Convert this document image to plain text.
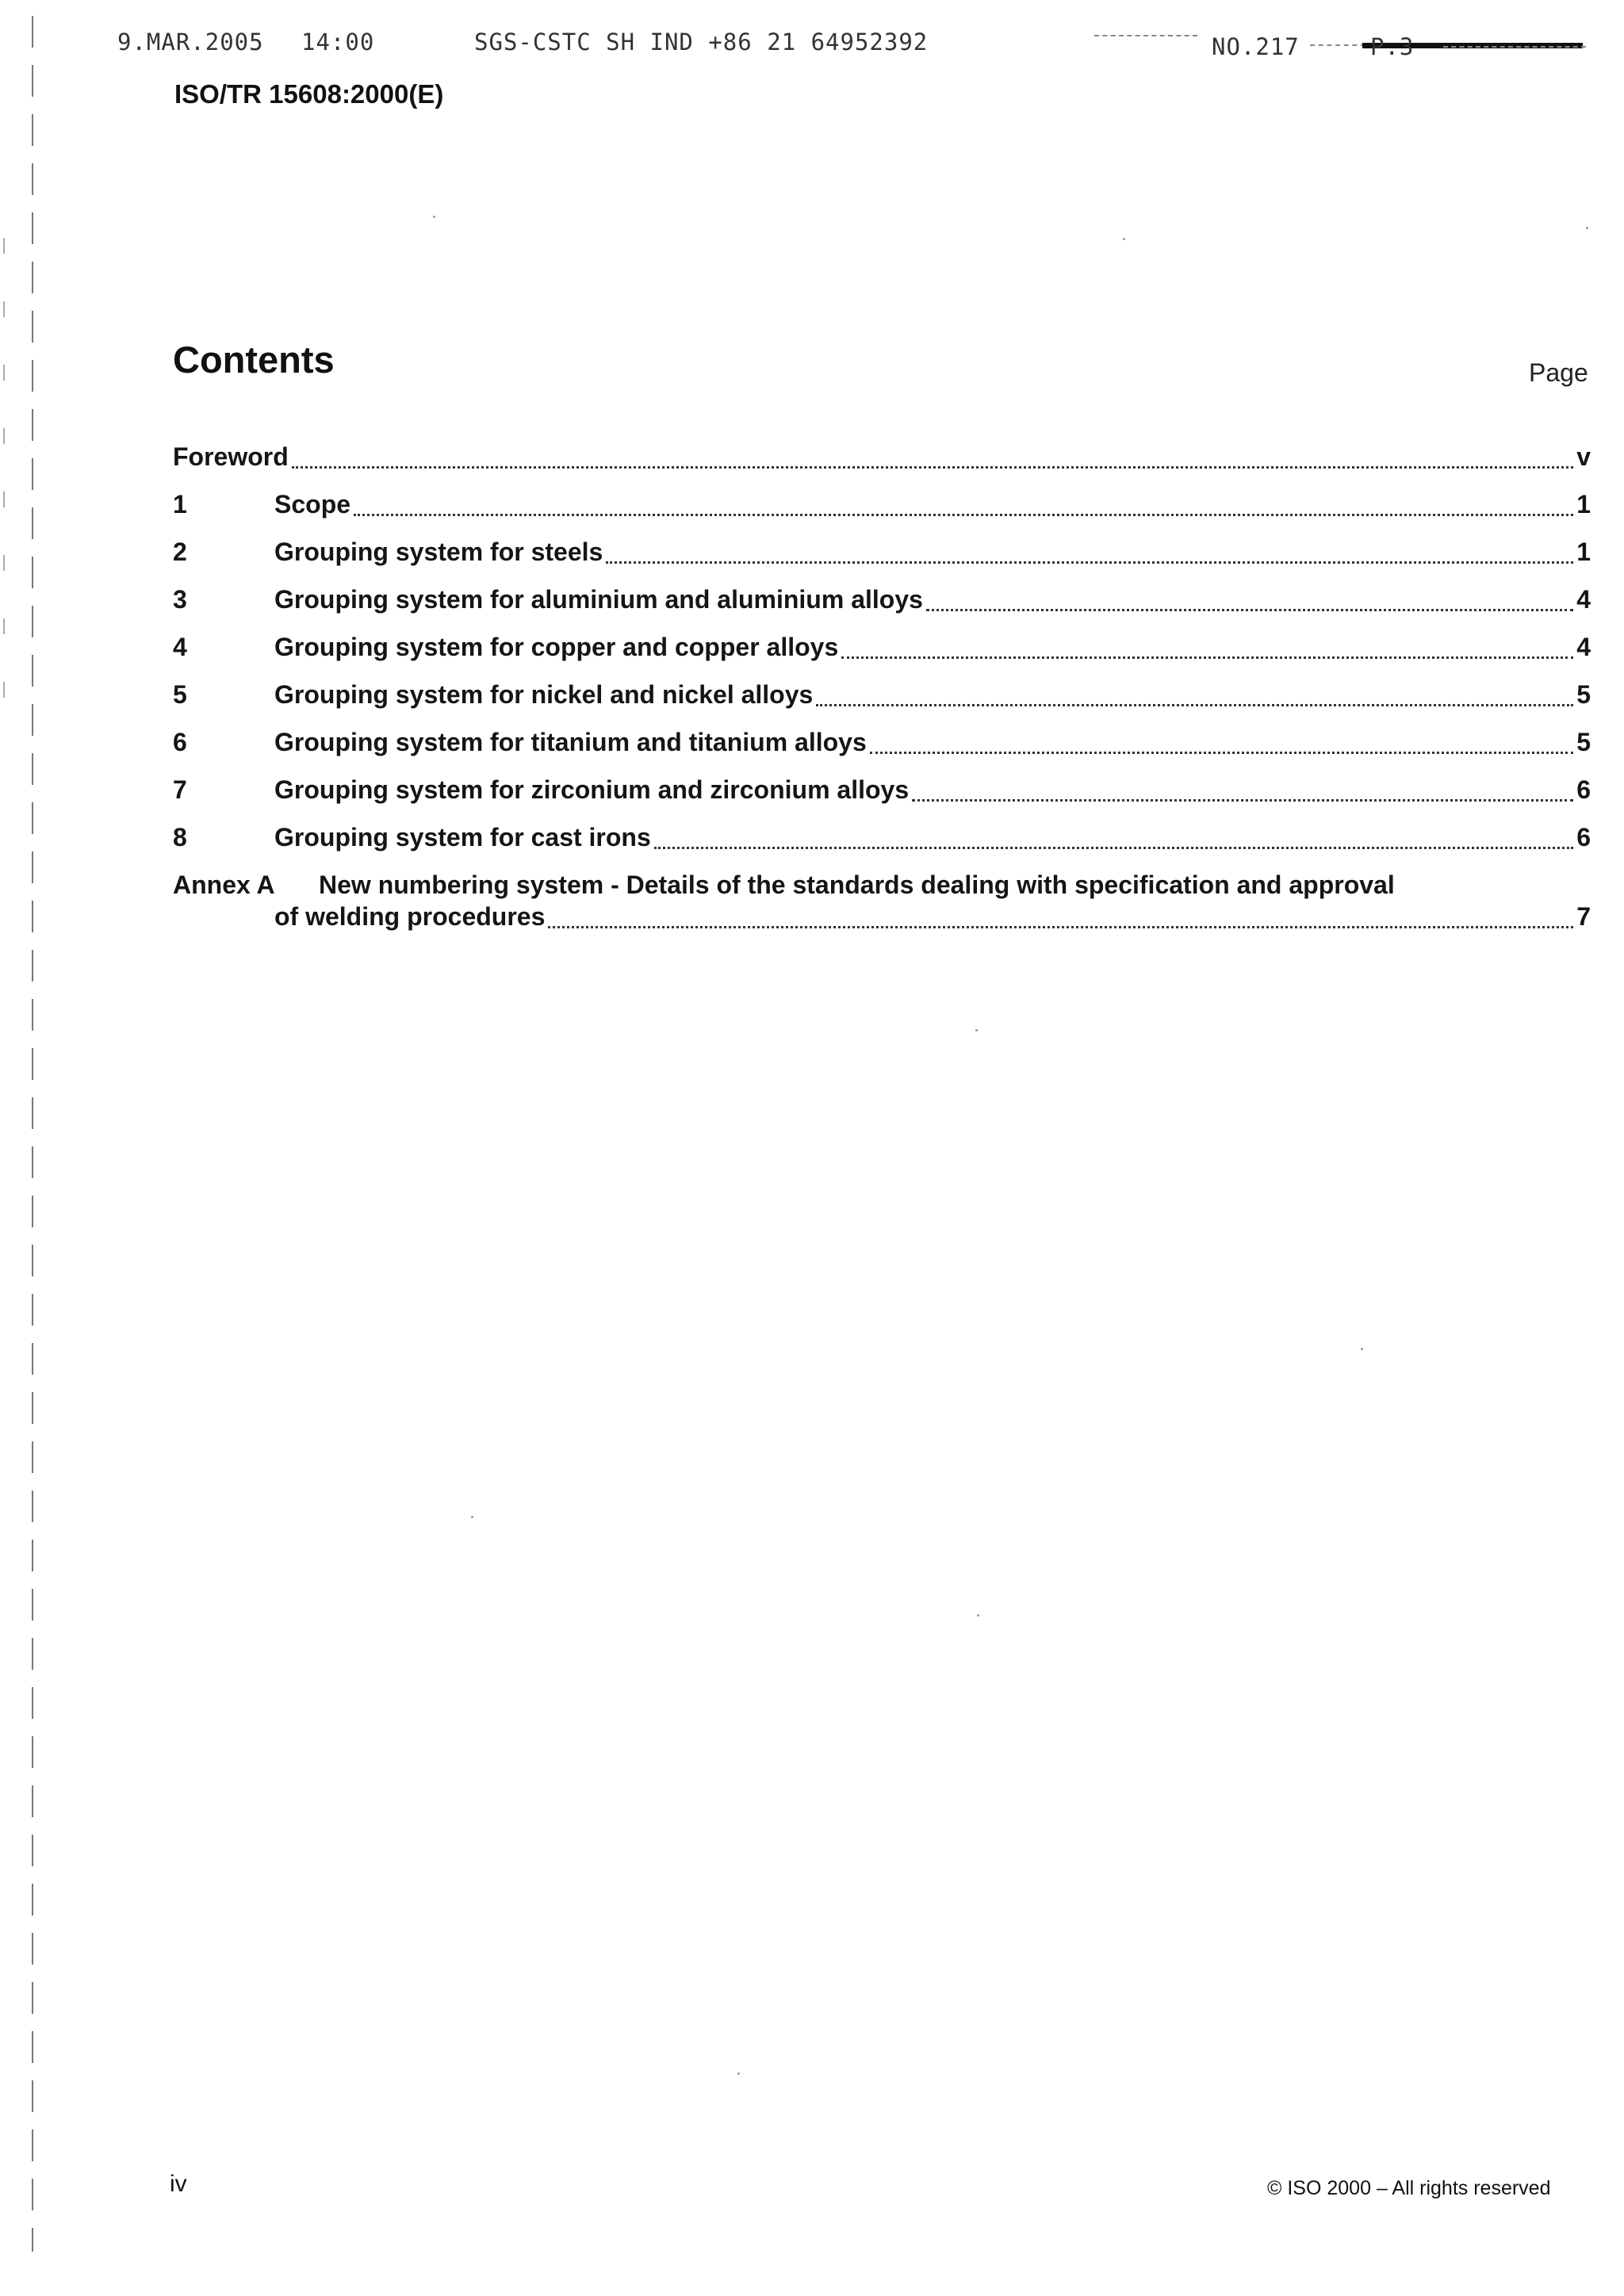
9.MAR.2005 14:00	SGS-CSTC SH IND +86 21 64952392	NO.217	P.3
ISO/TR 15608:2000(E)
Contents	Page
Foreword	v
1	Scope	1
2	Grouping system for steels	1
3	Grouping system for aluminium and aluminium alloys	4
4	Grouping system for copper and copper alloys	4
5	Grouping system for nickel and nickel alloys	5
6	Grouping system for titanium and titanium alloys	5
7	Grouping system for zirconium and zirconium alloys	6
8	Grouping system for cast irons	6
Annex A New numbering system - Details of the standards dealing with specification and approval
of welding procedures	7
iv	© ISO 2000 – All rights reserved
